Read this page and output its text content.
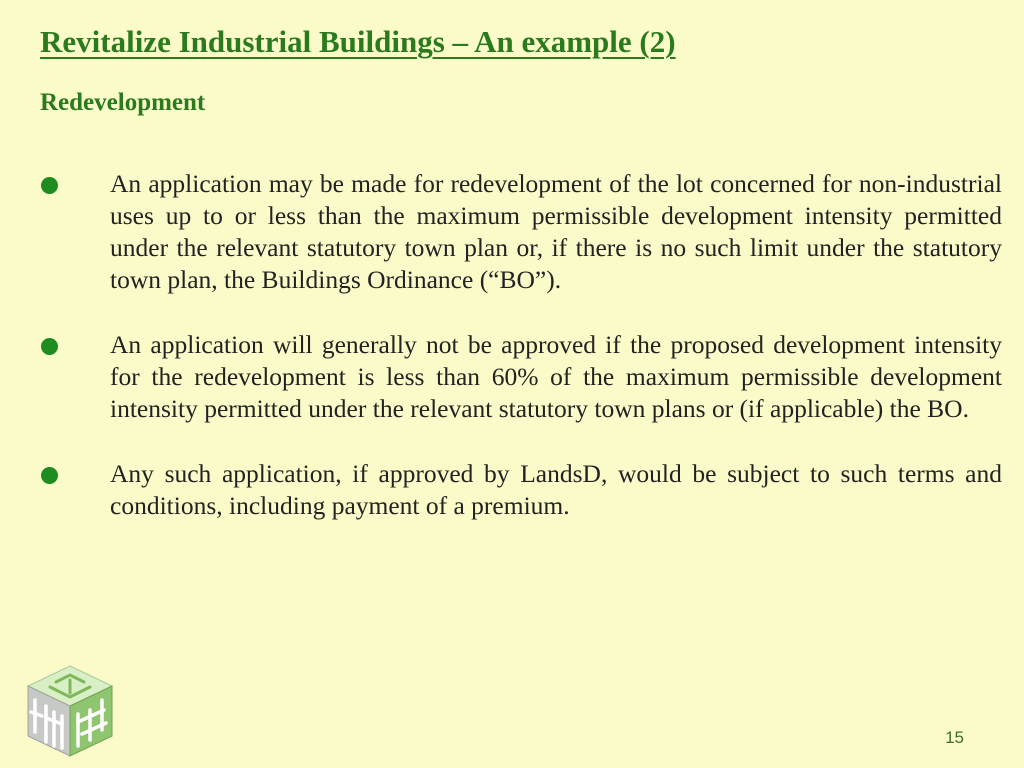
Revitalize Industrial Buildings – An example (2)
Redevelopment

An application may be made for redevelopment of the lot concerned for non-industrial uses up to or less than the maximum permissible development intensity permitted under the relevant statutory town plan or, if there is no such limit under the statutory town plan, the Buildings Ordinance (“BO”).

An application will generally not be approved if the proposed development intensity for the redevelopment is less than 60% of the maximum permissible development intensity permitted under the relevant statutory town plans or (if applicable) the BO.

Any such application, if approved by LandsD, would be subject to such terms and conditions, including payment of a premium.

15
